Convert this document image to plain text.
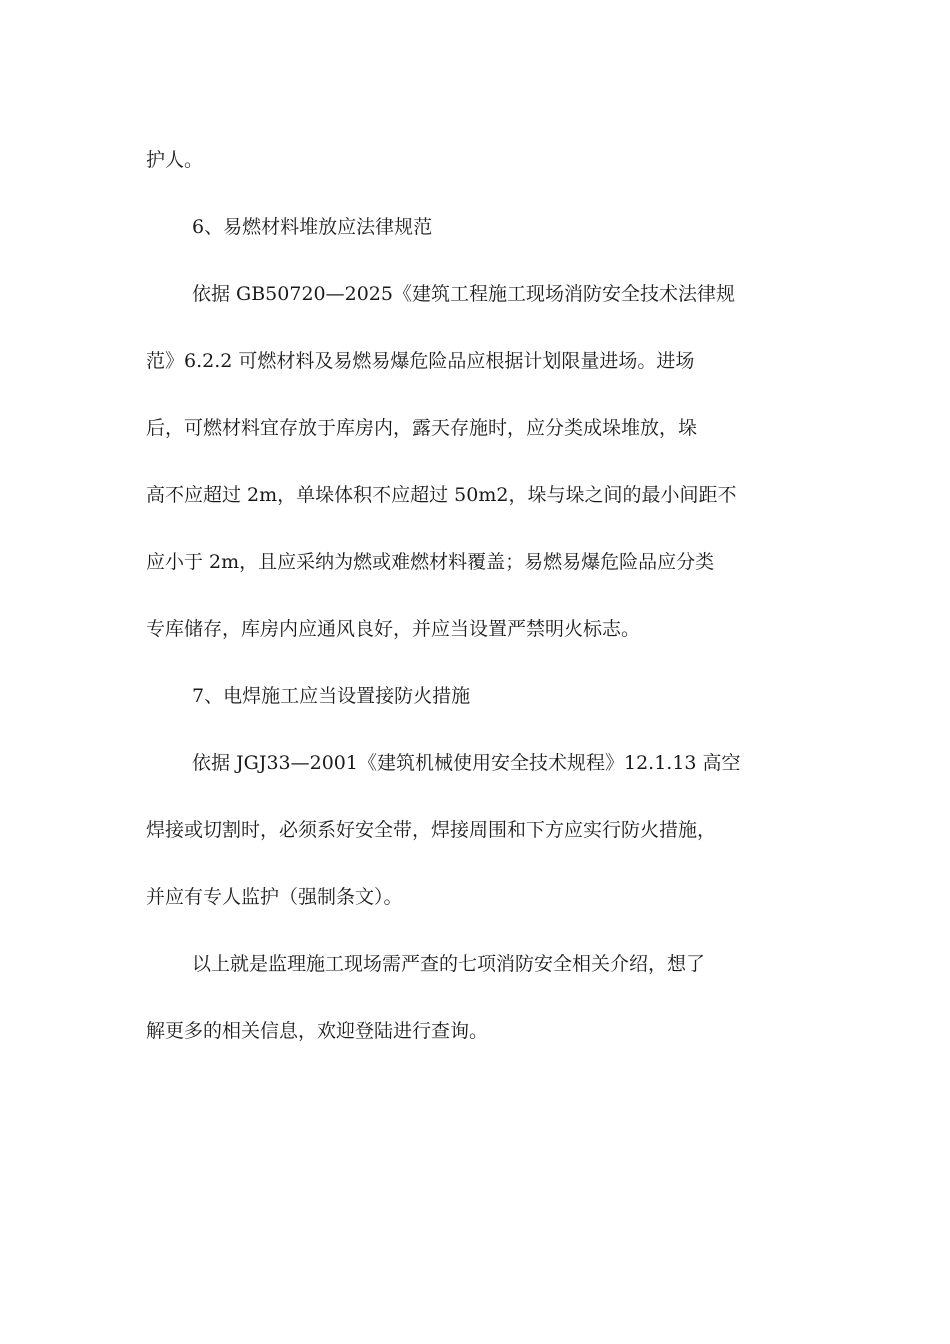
护人。
6、易燃材料堆放应法律规范
依据 GB50720—2025《建筑工程施工现场消防安全技术法律规
范》6.2.2 可燃材料及易燃易爆危险品应根据计划限量进场。进场
后，可燃材料宜存放于库房内，露天存施时，应分类成垛堆放，垛
高不应超过 2m，单垛体积不应超过 50m2，垛与垛之间的最小间距不
应小于 2m，且应采纳为燃或难燃材料覆盖；易燃易爆危险品应分类
专库储存，库房内应通风良好，并应当设置严禁明火标志。
7、电焊施工应当设置接防火措施
依据 JGJ33—2001《建筑机械使用安全技术规程》12.1.13 高空
焊接或切割时，必须系好安全带，焊接周围和下方应实行防火措施，
并应有专人监护（强制条文）。
以上就是监理施工现场需严查的七项消防安全相关介绍，想了
解更多的相关信息，欢迎登陆进行查询。
